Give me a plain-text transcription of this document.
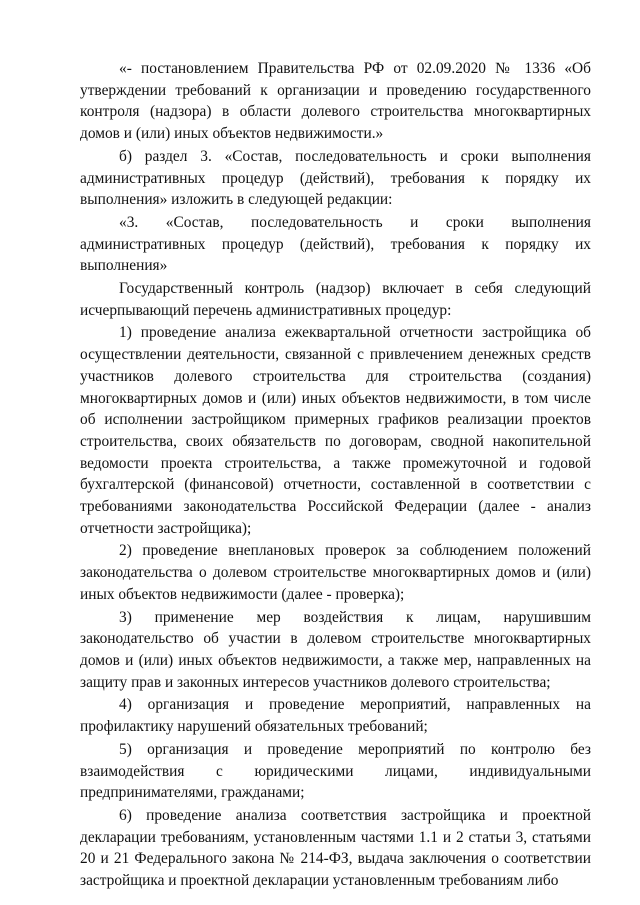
«- постановлением Правительства РФ от 02.09.2020 № 1336 «Об утверждении требований к организации и проведению государственного контроля (надзора) в области долевого строительства многоквартирных домов и (или) иных объектов недвижимости.»

б) раздел 3. «Состав, последовательность и сроки выполнения административных процедур (действий), требования к порядку их выполнения» изложить в следующей редакции:

«3. «Состав, последовательность и сроки выполнения административных процедур (действий), требования к порядку их выполнения»

Государственный контроль (надзор) включает в себя следующий исчерпывающий перечень административных процедур:

1) проведение анализа ежеквартальной отчетности застройщика об осуществлении деятельности, связанной с привлечением денежных средств участников долевого строительства для строительства (создания) многоквартирных домов и (или) иных объектов недвижимости, в том числе об исполнении застройщиком примерных графиков реализации проектов строительства, своих обязательств по договорам, сводной накопительной ведомости проекта строительства, а также промежуточной и годовой бухгалтерской (финансовой) отчетности, составленной в соответствии с требованиями законодательства Российской Федерации (далее - анализ отчетности застройщика);

2) проведение внеплановых проверок за соблюдением положений законодательства о долевом строительстве многоквартирных домов и (или) иных объектов недвижимости (далее - проверка);

3) применение мер воздействия к лицам, нарушившим законодательство об участии в долевом строительстве многоквартирных домов и (или) иных объектов недвижимости, а также мер, направленных на защиту прав и законных интересов участников долевого строительства;

4) организация и проведение мероприятий, направленных на профилактику нарушений обязательных требований;

5) организация и проведение мероприятий по контролю без взаимодействия с юридическими лицами, индивидуальными предпринимателями, гражданами;

6) проведение анализа соответствия застройщика и проектной декларации требованиям, установленным частями 1.1 и 2 статьи 3, статьями 20 и 21 Федерального закона № 214-ФЗ, выдача заключения о соответствии застройщика и проектной декларации установленным требованиям либо
